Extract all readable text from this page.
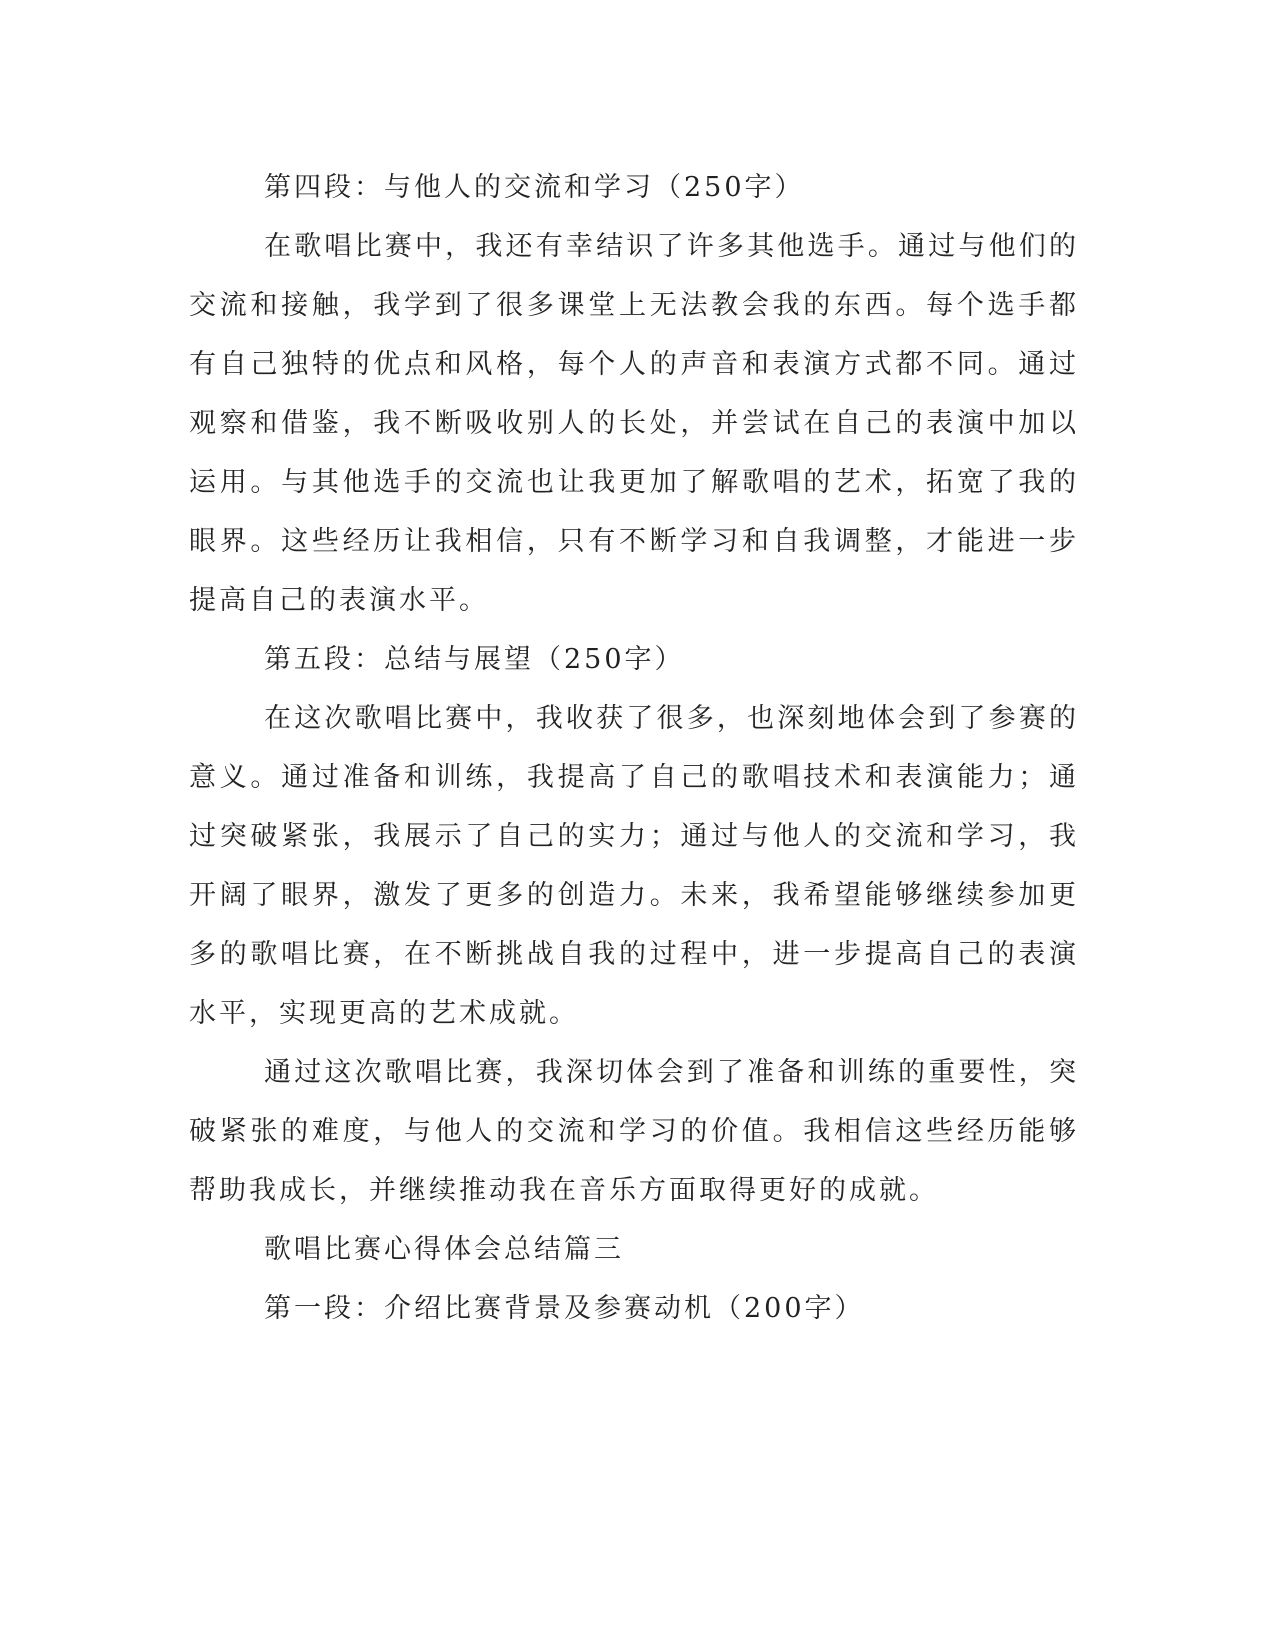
第四段：与他人的交流和学习（250字）

在歌唱比赛中，我还有幸结识了许多其他选手。通过与他们的交流和接触，我学到了很多课堂上无法教会我的东西。每个选手都有自己独特的优点和风格，每个人的声音和表演方式都不同。通过观察和借鉴，我不断吸收别人的长处，并尝试在自己的表演中加以运用。与其他选手的交流也让我更加了解歌唱的艺术，拓宽了我的眼界。这些经历让我相信，只有不断学习和自我调整，才能进一步提高自己的表演水平。

第五段：总结与展望（250字）

在这次歌唱比赛中，我收获了很多，也深刻地体会到了参赛的意义。通过准备和训练，我提高了自己的歌唱技术和表演能力；通过突破紧张，我展示了自己的实力；通过与他人的交流和学习，我开阔了眼界，激发了更多的创造力。未来，我希望能够继续参加更多的歌唱比赛，在不断挑战自我的过程中，进一步提高自己的表演水平，实现更高的艺术成就。

通过这次歌唱比赛，我深切体会到了准备和训练的重要性，突破紧张的难度，与他人的交流和学习的价值。我相信这些经历能够帮助我成长，并继续推动我在音乐方面取得更好的成就。

歌唱比赛心得体会总结篇三

第一段：介绍比赛背景及参赛动机（200字）
